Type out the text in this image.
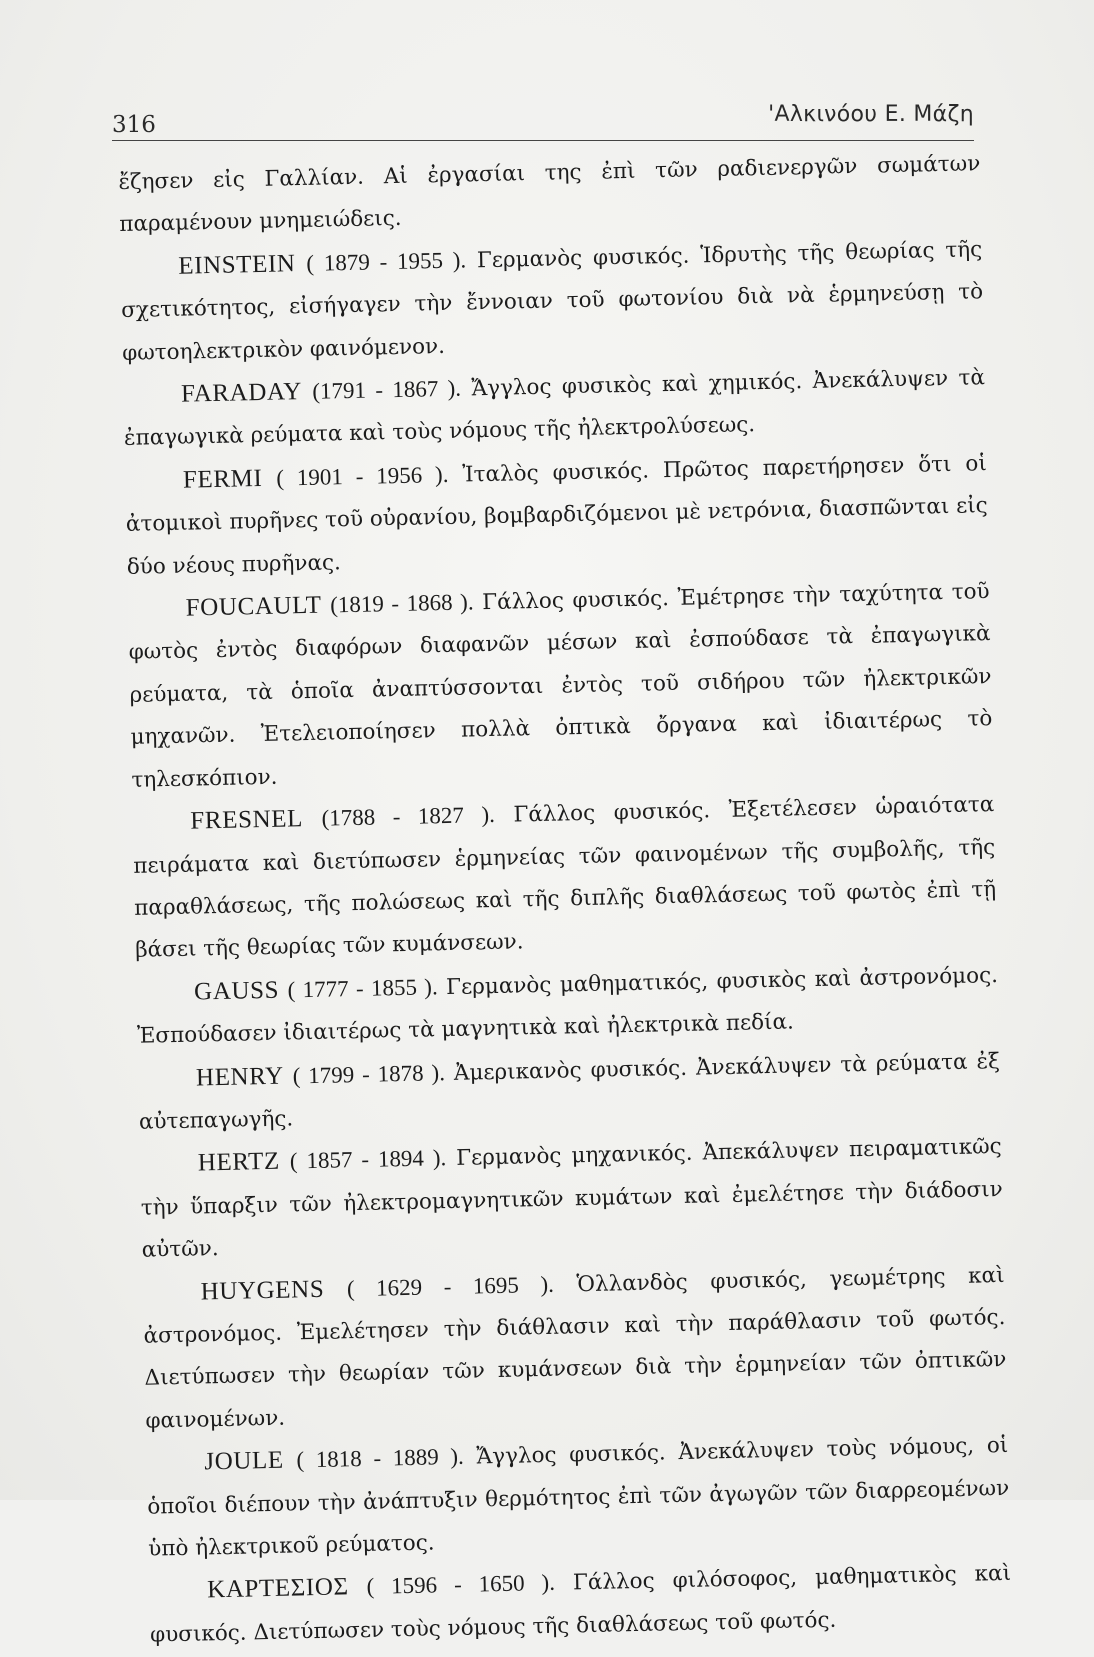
316	'Αλκινόου Ε. Μάζη

ἔζησεν εἰς Γαλλίαν. Αἱ ἐργασίαι της ἐπὶ τῶν ραδιενεργῶν σωμάτων παραμένουν μνημειώδεις.

EINSTEIN ( 1879 - 1955 ). Γερμανὸς φυσικός. Ἱδρυτὴς τῆς θεωρίας τῆς σχετικότητος, εἰσήγαγεν τὴν ἔννοιαν τοῦ φωτονίου διὰ νὰ ἑρμηνεύσῃ τὸ φωτοηλεκτρικὸν φαινόμενον.

FARADAY (1791 - 1867 ). Ἄγγλος φυσικὸς καὶ χημικός. Ἀνεκάλυψεν τὰ ἐπαγωγικὰ ρεύματα καὶ τοὺς νόμους τῆς ἠλεκτρολύσεως.

FERMI ( 1901 - 1956 ). Ἰταλὸς φυσικός. Πρῶτος παρετήρησεν ὅτι οἱ ἀτομικοὶ πυρῆνες τοῦ οὐρανίου, βομβαρδιζόμενοι μὲ νετρόνια, διασπῶνται εἰς δύο νέους πυρῆνας.

FOUCAULT (1819 - 1868 ). Γάλλος φυσικός. Ἐμέτρησε τὴν ταχύτητα τοῦ φωτὸς ἐντὸς διαφόρων διαφανῶν μέσων καὶ ἐσπούδασε τὰ ἐπαγωγικὰ ρεύματα, τὰ ὁποῖα ἀναπτύσσονται ἐντὸς τοῦ σιδήρου τῶν ἠλεκτρικῶν μηχανῶν. Ἐτελειοποίησεν πολλὰ ὀπτικὰ ὄργανα καὶ ἰδιαιτέρως τὸ τηλεσκόπιον.

FRESNEL (1788 - 1827 ). Γάλλος φυσικός. Ἐξετέλεσεν ὡραιότατα πειράματα καὶ διετύπωσεν ἑρμηνείας τῶν φαινομένων τῆς συμβολῆς, τῆς παραθλάσεως, τῆς πολώσεως καὶ τῆς διπλῆς διαθλάσεως τοῦ φωτὸς ἐπὶ τῇ βάσει τῆς θεωρίας τῶν κυμάνσεων.

GAUSS ( 1777 - 1855 ). Γερμανὸς μαθηματικός, φυσικὸς καὶ ἀστρονόμος. Ἐσπούδασεν ἰδιαιτέρως τὰ μαγνητικὰ καὶ ἠλεκτρικὰ πεδία.

HENRY ( 1799 - 1878 ). Ἀμερικανὸς φυσικός. Ἀνεκάλυψεν τὰ ρεύματα ἐξ αὐτεπαγωγῆς.

HERTZ ( 1857 - 1894 ). Γερμανὸς μηχανικός. Ἀπεκάλυψεν πειραματικῶς τὴν ὕπαρξιν τῶν ἠλεκτρομαγνητικῶν κυμάτων καὶ ἐμελέτησε τὴν διάδοσιν αὐτῶν.

HUYGENS ( 1629 - 1695 ). Ὁλλανδὸς φυσικός, γεωμέτρης καὶ ἀστρονόμος. Ἐμελέτησεν τὴν διάθλασιν καὶ τὴν παράθλασιν τοῦ φωτός. Διετύπωσεν τὴν θεωρίαν τῶν κυμάνσεων διὰ τὴν ἑρμηνείαν τῶν ὀπτικῶν φαινομένων.

JOULE ( 1818 - 1889 ). Ἄγγλος φυσικός. Ἀνεκάλυψεν τοὺς νόμους, οἱ ὁποῖοι διέπουν τὴν ἀνάπτυξιν θερμότητος ἐπὶ τῶν ἀγωγῶν τῶν διαρρεομένων ὑπὸ ἠλεκτρικοῦ ρεύματος.

ΚΑΡΤΕΣΙΟΣ ( 1596 - 1650 ). Γάλλος φιλόσοφος, μαθηματικὸς καὶ φυσικός. Διετύπωσεν τοὺς νόμους τῆς διαθλάσεως τοῦ φωτός.
